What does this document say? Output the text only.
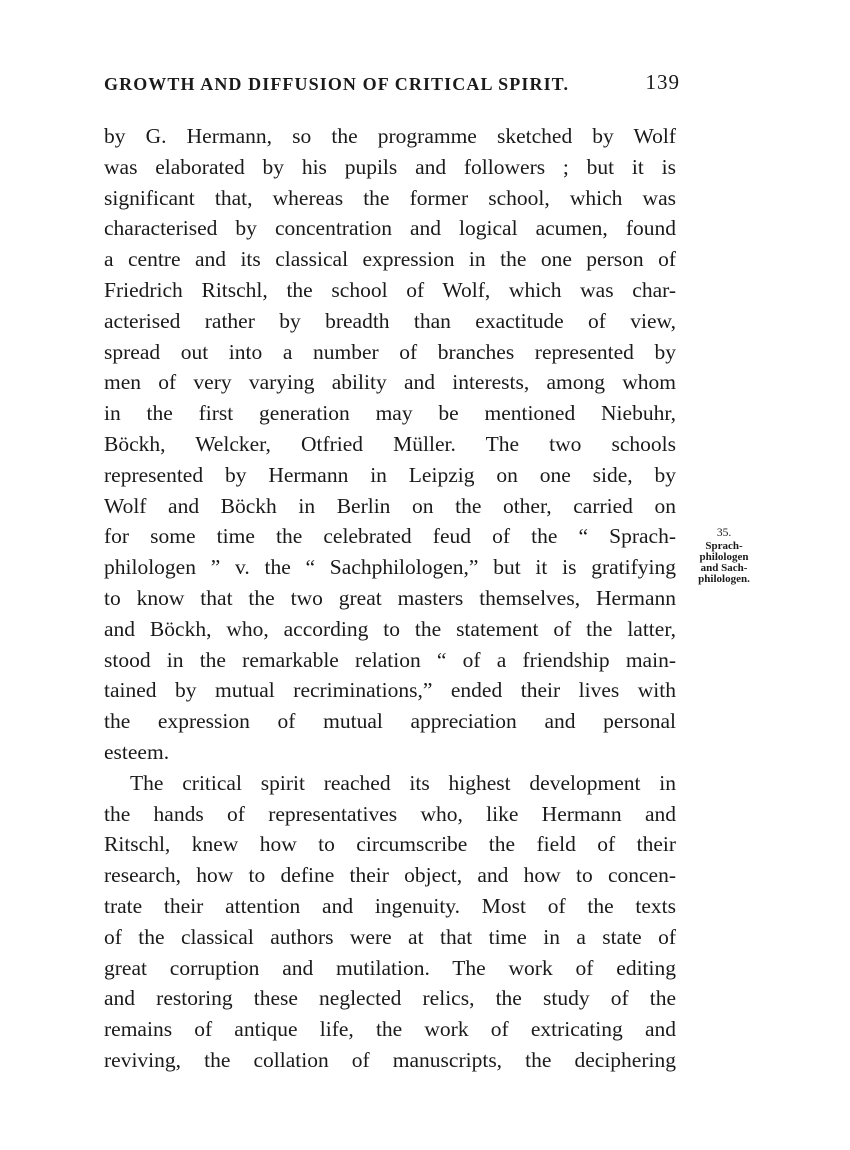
GROWTH AND DIFFUSION OF CRITICAL SPIRIT.	139
by G. Hermann, so the programme sketched by Wolf
was elaborated by his pupils and followers ; but it is
significant that, whereas the former school, which was
characterised by concentration and logical acumen, found
a centre and its classical expression in the one person of
Friedrich Ritschl, the school of Wolf, which was char-
acterised rather by breadth than exactitude of view,
spread out into a number of branches represented by
men of very varying ability and interests, among whom
in the first generation may be mentioned Niebuhr,
Böckh, Welcker, Otfried Müller. The two schools
represented by Hermann in Leipzig on one side, by
Wolf and Böckh in Berlin on the other, carried on
for some time the celebrated feud of the “ Sprach-
philologen ” v. the “ Sachphilologen,” but it is gratifying
to know that the two great masters themselves, Hermann
and Böckh, who, according to the statement of the latter,
stood in the remarkable relation “ of a friendship main-
tained by mutual recriminations,” ended their lives with
the expression of mutual appreciation and personal
esteem.
The critical spirit reached its highest development in
the hands of representatives who, like Hermann and
Ritschl, knew how to circumscribe the field of their
research, how to define their object, and how to concen-
trate their attention and ingenuity. Most of the texts
of the classical authors were at that time in a state of
great corruption and mutilation. The work of editing
and restoring these neglected relics, the study of the
remains of antique life, the work of extricating and
reviving, the collation of manuscripts, the deciphering
35.
Sprach-
philologen
and Sach-
philologen.
